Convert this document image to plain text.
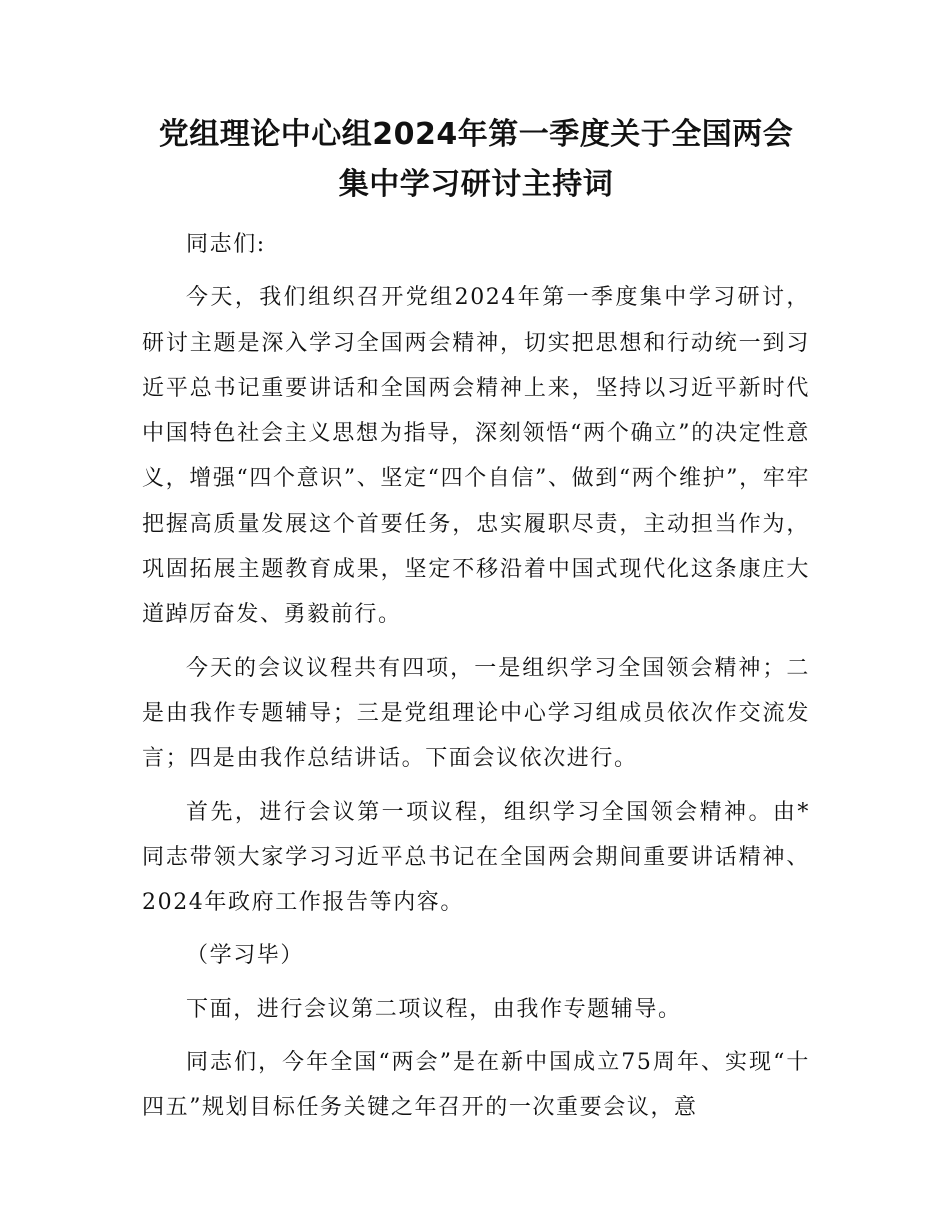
党组理论中心组2024年第一季度关于全国两会
集中学习研讨主持词

同志们:

今天，我们组织召开党组2024年第一季度集中学习研讨，研讨主题是深入学习全国两会精神，切实把思想和行动统一到习近平总书记重要讲话和全国两会精神上来，坚持以习近平新时代中国特色社会主义思想为指导，深刻领悟“两个确立”的决定性意义，增强“四个意识”、坚定“四个自信”、做到“两个维护”，牢牢把握高质量发展这个首要任务，忠实履职尽责，主动担当作为，巩固拓展主题教育成果，坚定不移沿着中国式现代化这条康庄大道踔厉奋发、勇毅前行。

今天的会议议程共有四项，一是组织学习全国领会精神；二是由我作专题辅导；三是党组理论中心学习组成员依次作交流发言；四是由我作总结讲话。下面会议依次进行。

首先，进行会议第一项议程，组织学习全国领会精神。由*同志带领大家学习习近平总书记在全国两会期间重要讲话精神、2024年政府工作报告等内容。

（学习毕）

下面，进行会议第二项议程，由我作专题辅导。

同志们，今年全国“两会”是在新中国成立75周年、实现“十四五”规划目标任务关键之年召开的一次重要会议，意
